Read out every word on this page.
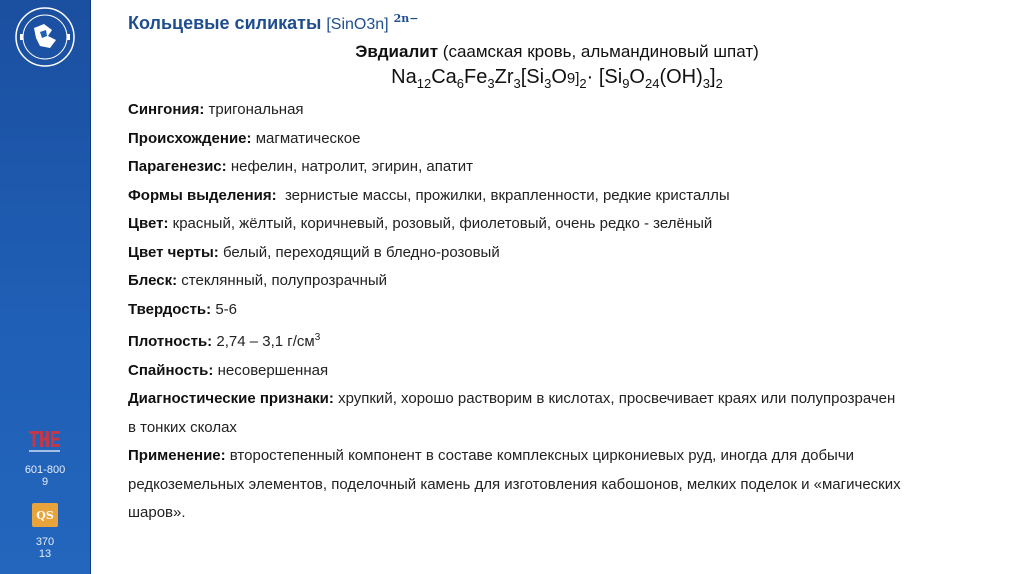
601-800
9
QS
370
13
Кольцевые силикаты [SinO3n] $^{2n-}$
Эвдиалит (саамская кровь, альмандиновый шпат)
$Na_{12}Ca_6Fe_3Zr_3[Si_3O9]_2\cdot [Si_9O_{24}(OH)_3]_2$
Сингония: тригональная
Происхождение: магматическое
Парагенезис: нефелин, натролит, эгирин, апатит
Формы выделения: зернистые массы, прожилки, вкрапленности, редкие кристаллы
Цвет: красный, жёлтый, коричневый, розовый, фиолетовый, очень редко - зелёный
Цвет черты: белый, переходящий в бледно-розовый
Блеск: стеклянный, полупрозрачный
Твердость: 5-6
Плотность: 2,74 – 3,1 $г/см^3$
Спайность: несовершенная
Диагностические признаки: хрупкий, хорошо растворим в кислотах, просвечивает краях или полупрозрачен в тонких сколах
Применение: второстепенный компонент в составе комплексных циркониевых руд, иногда для добычи редкоземельных элементов, поделочный камень для изготовления кабошонов, мелких поделок и «магических шаров».
